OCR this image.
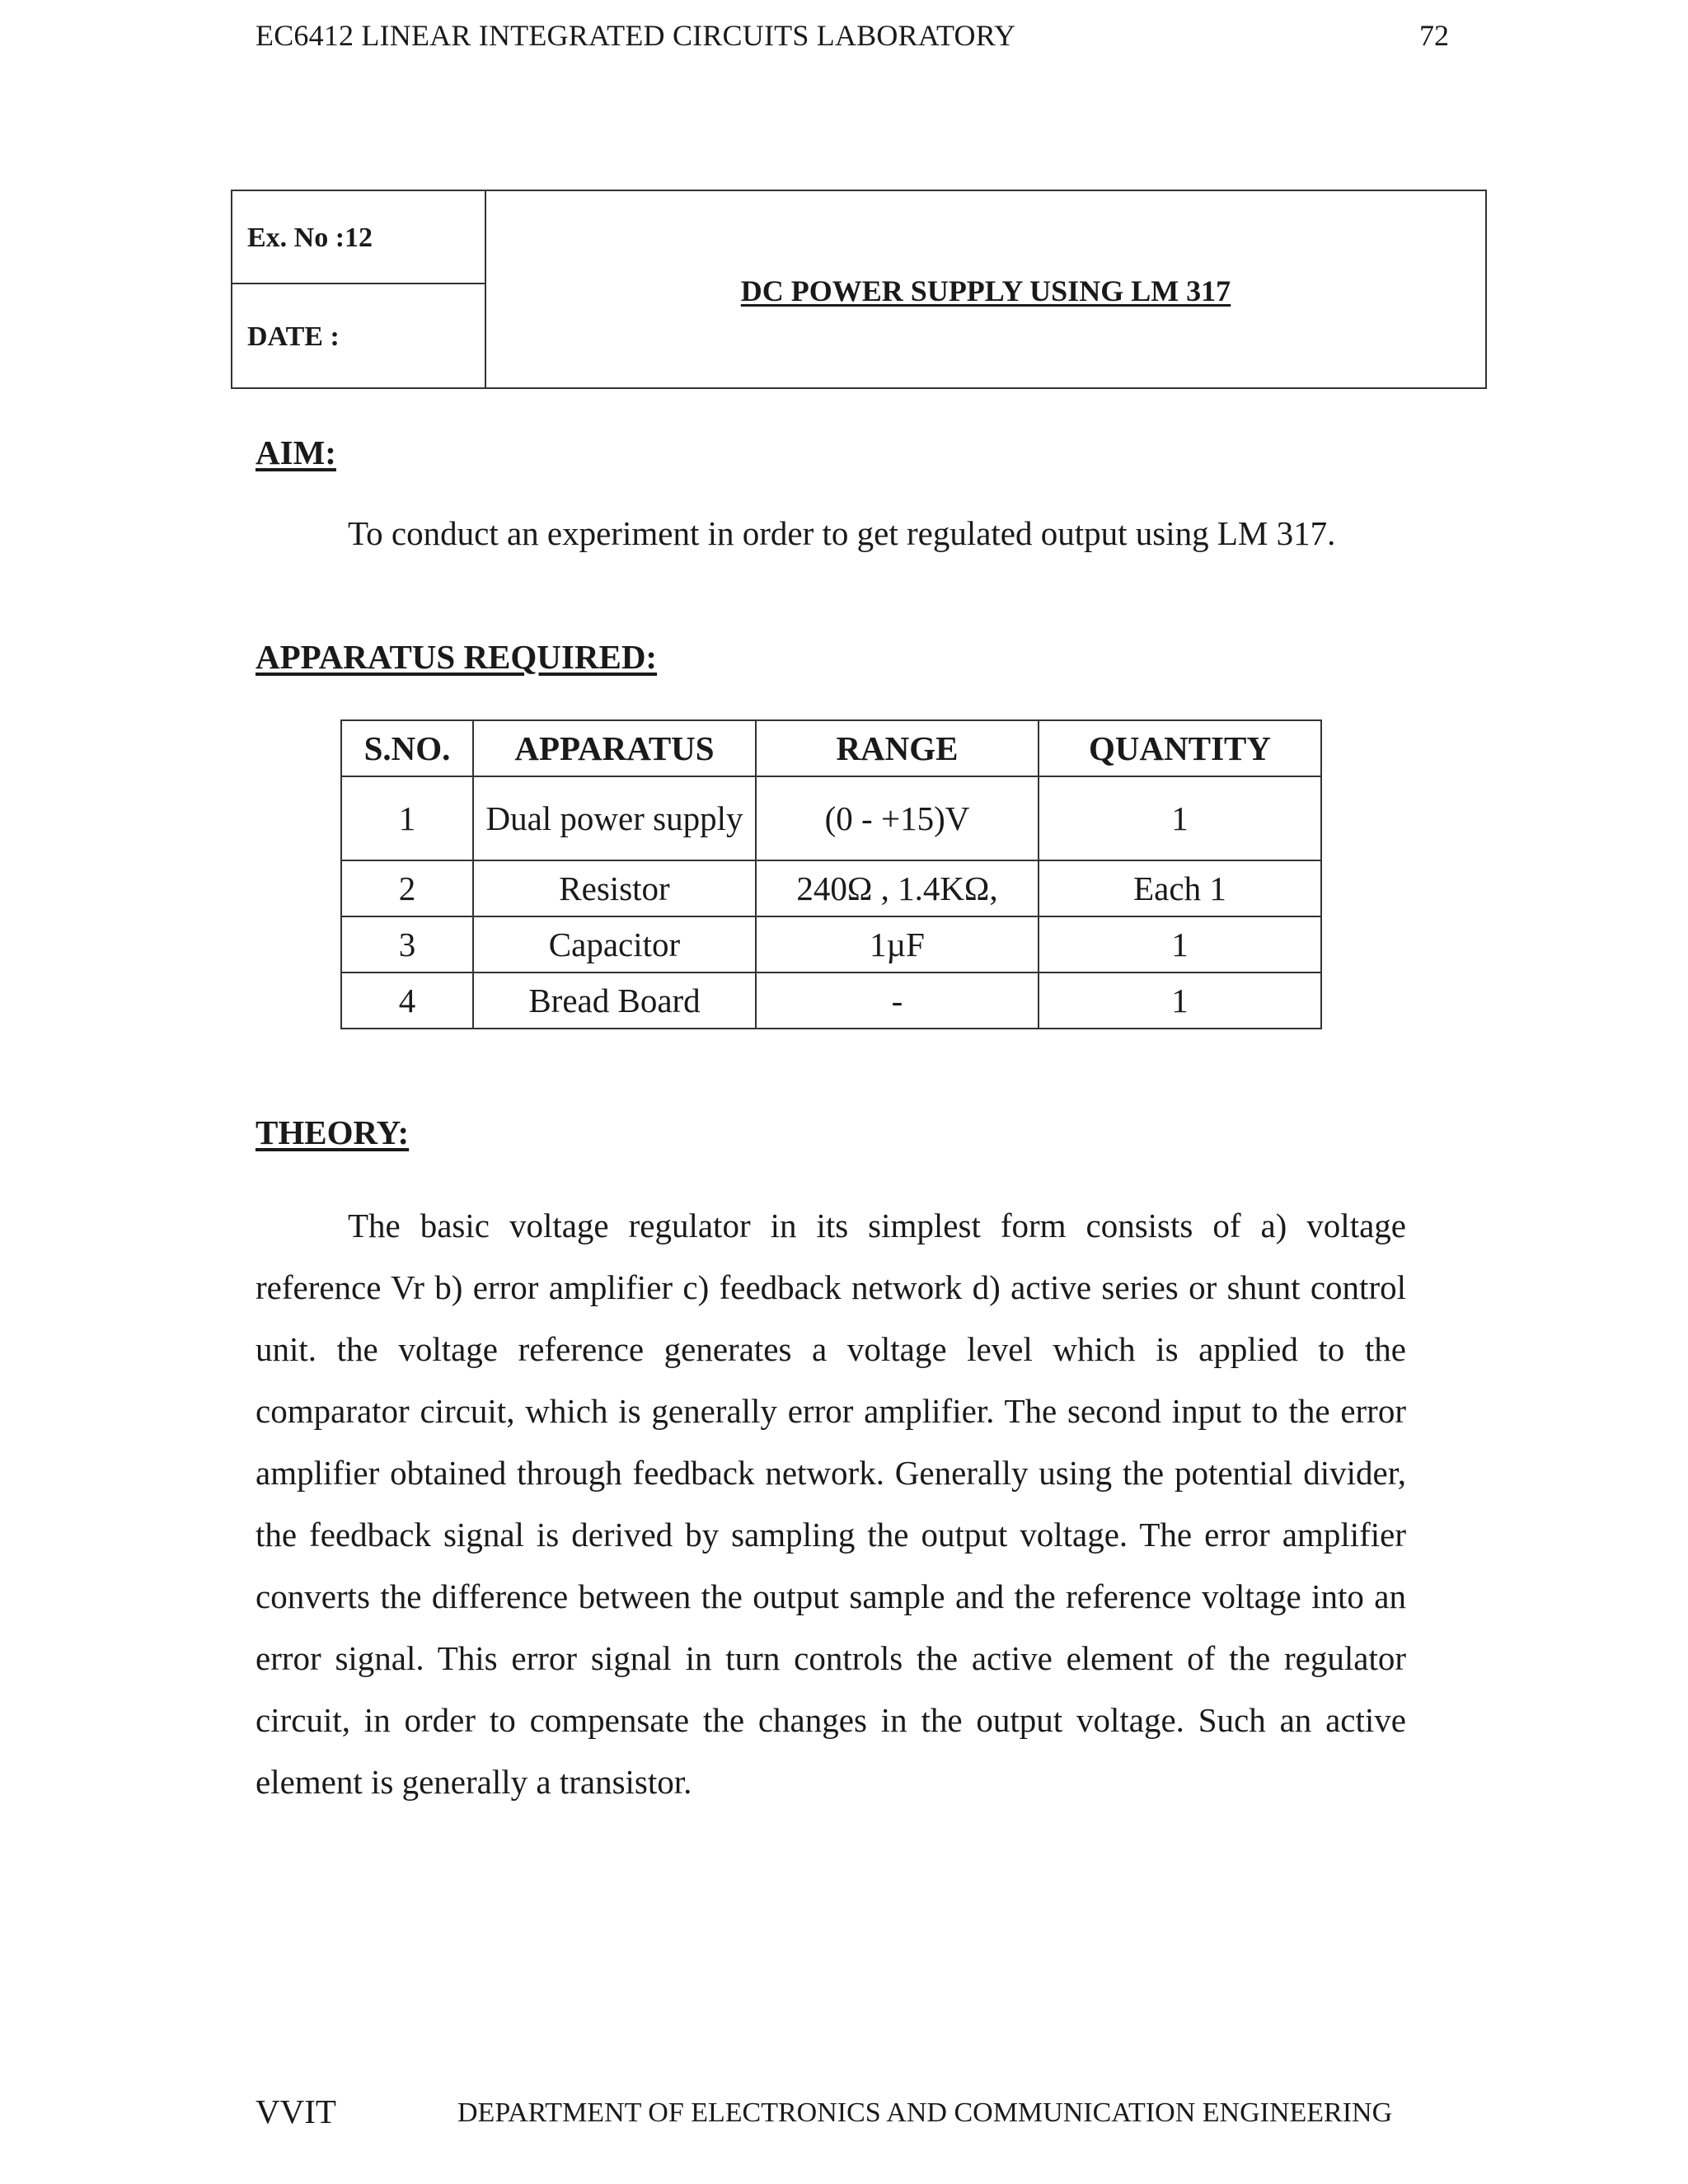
EC6412 LINEAR INTEGRATED CIRCUITS LABORATORY	72
Ex. No :12
DATE :
DC POWER SUPPLY USING LM 317
AIM:
To conduct an experiment in order to get regulated output using LM 317.
APPARATUS REQUIRED:
S.NO.	APPARATUS	RANGE	QUANTITY
1	Dual power supply	(0 - +15)V	1
2	Resistor	240Ω , 1.4KΩ,	Each 1
3	Capacitor	1µF	1
4	Bread Board	-	1
THEORY:
The basic voltage regulator in its simplest form consists of a) voltage reference Vr b) error amplifier c) feedback network d) active series or shunt control unit. the voltage reference generates a voltage level which is applied to the comparator circuit, which is generally error amplifier. The second input to the error amplifier obtained through feedback network. Generally using the potential divider, the feedback signal is derived by sampling the output voltage. The error amplifier converts the difference between the output sample and the reference voltage into an error signal. This error signal in turn controls the active element of the regulator circuit, in order to compensate the changes in the output voltage. Such an active element is generally a transistor.
VVIT	DEPARTMENT OF ELECTRONICS AND COMMUNICATION ENGINEERING
